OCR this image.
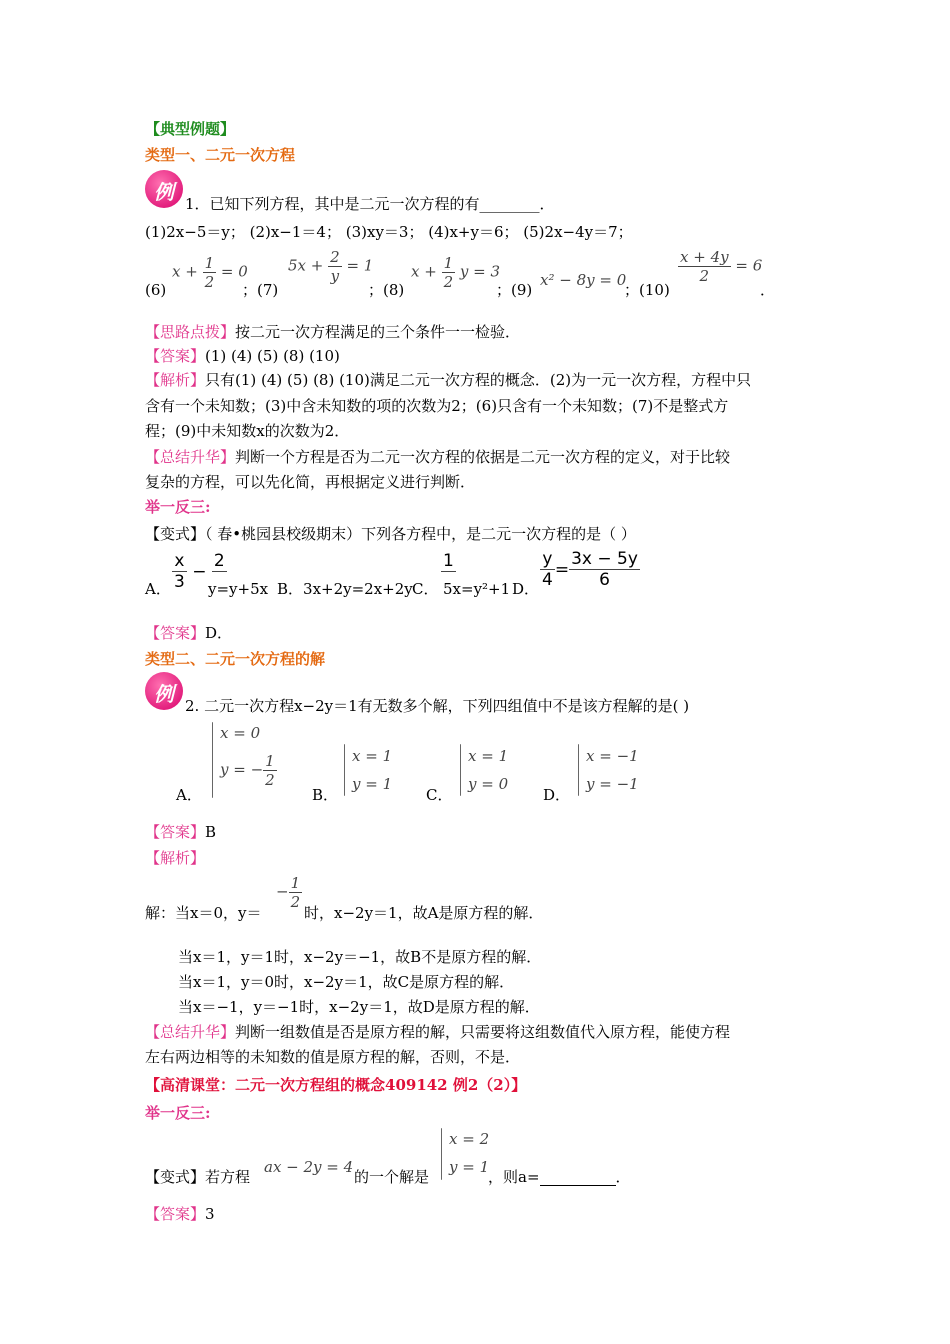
【典型例题】
类型一、二元一次方程
例 1．已知下列方程，其中是二元一次方程的有________．
(1)2x−5＝y； (2)x−1＝4； (3)xy＝3； (4)x+y＝6； (5)2x−4y＝7；
(6)
$x + \frac{1}{2} = 0$
；(7)
$5x + \frac{2}{y} = 1$
；(8)
$x + \frac{1}{2}$ y = 3
；(9)
x² − 8y = 0
；(10)
$\frac{x + 4y}{2} = 6$
．
【思路点拨】按二元一次方程满足的三个条件一一检验．
【答案】(1) (4) (5) (8) (10)
【解析】只有(1) (4) (5) (8) (10)满足二元一次方程的概念．(2)为一元一次方程，方程中只
含有一个未知数；(3)中含未知数的项的次数为2；(6)只含有一个未知数；(7)不是整式方
程；(9)中未知数x的次数为2．
【总结升华】判断一个方程是否为二元一次方程的依据是二元一次方程的定义，对于比较
复杂的方程，可以先化简，再根据定义进行判断．
举一反三:
【变式】（ 春•桃园县校级期末）下列各方程中，是二元一次方程的是（ ）
A． $\frac{x}{3}$ −
2

y=y+5x B．3x+2y=2x+2y C．
1

5x=y²+1 D． $\frac{y}{4} = \frac{3x - 5y}{6}$
【答案】D．
类型二、二元一次方程的解
例 2. 二元一次方程x−2y＝1有无数多个解，下列四组值中不是该方程解的是( )
A．
x = 0
y = − $\frac{1}{2}$
B．
x = 1
y = 1
C．
x = 1
y = 0
D．
x = −1
y = −1
【答案】B
【解析】
解：当x＝0，y＝
− $\frac{1}{2}$
时，x−2y＝1，故A是原方程的解．
当x＝1，y＝1时，x−2y＝−1，故B不是原方程的解．
当x＝1，y＝0时，x−2y＝1，故C是原方程的解．
当x＝−1，y＝−1时，x−2y＝1，故D是原方程的解．
【总结升华】判断一组数值是否是原方程的解，只需要将这组数值代入原方程，能使方程
左右两边相等的未知数的值是原方程的解，否则，不是．
【高清课堂：二元一次方程组的概念409142 例2（2）】
举一反三:
【变式】若方程
ax − 2y = 4
的一个解是
x = 2
y = 1
，则a=	．
【答案】3
